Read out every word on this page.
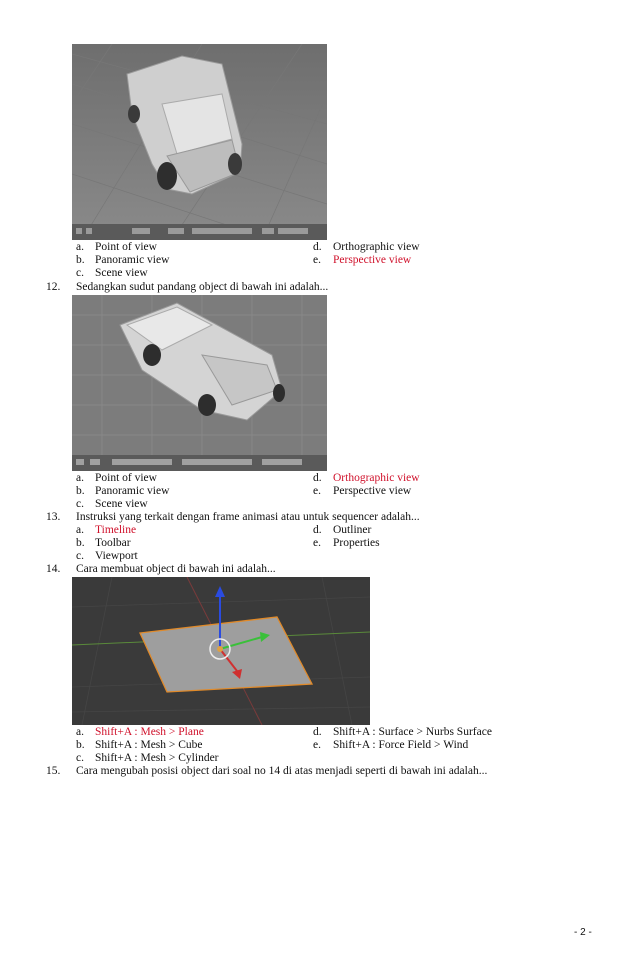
a. Point of view
b. Panoramic view
c. Scene view
d. Orthographic view
e. Perspective view
12. Sedangkan sudut pandang object di bawah ini adalah...
a. Point of view
b. Panoramic view
c. Scene view
d. Orthographic view
e. Perspective view
13. Instruksi yang terkait dengan frame animasi atau untuk sequencer adalah...
a. Timeline
b. Toolbar
c. Viewport
d. Outliner
e. Properties
14. Cara membuat object di bawah ini adalah...
a. Shift+A : Mesh > Plane
b. Shift+A : Mesh > Cube
c. Shift+A : Mesh > Cylinder
d. Shift+A : Surface > Nurbs Surface
e. Shift+A : Force Field > Wind
15. Cara mengubah posisi object dari soal no 14 di atas menjadi seperti di bawah ini adalah...
- 2 -
